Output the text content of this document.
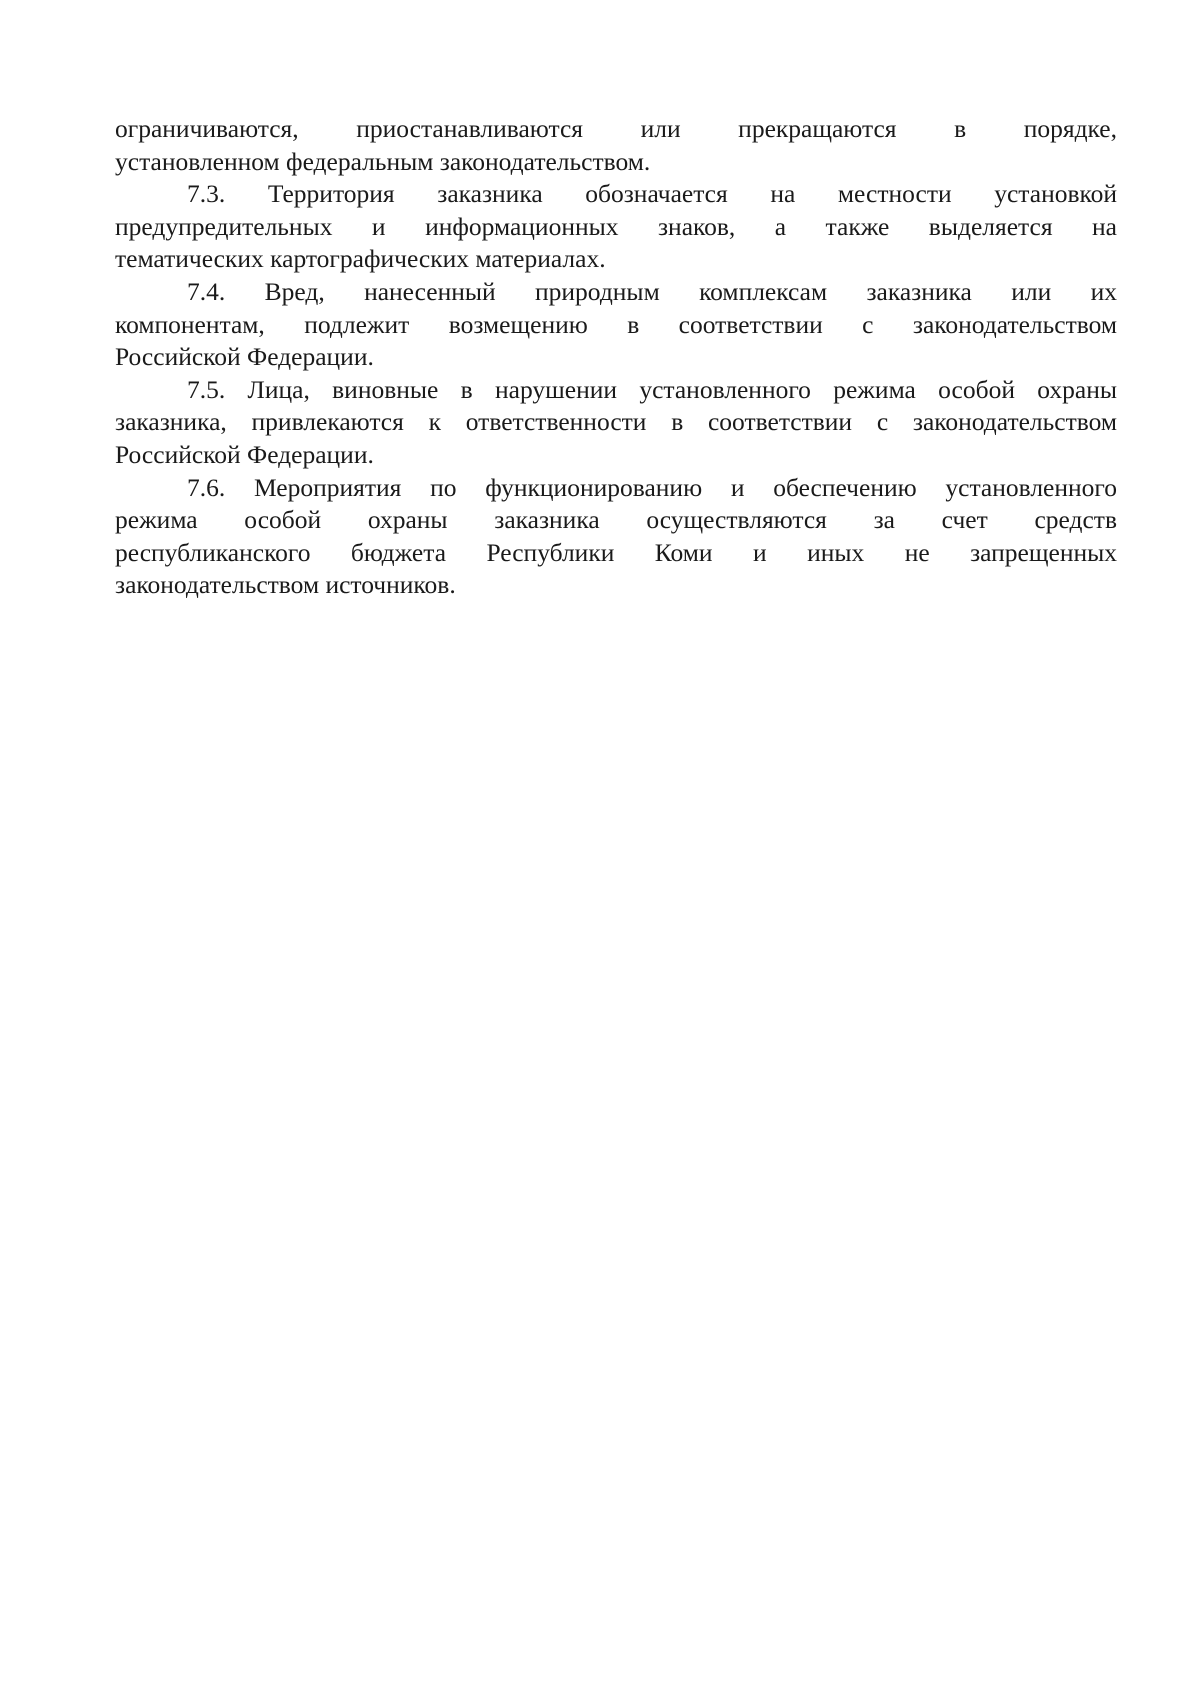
ограничиваются, приостанавливаются или прекращаются в порядке,
установленном федеральным законодательством.
7.3. Территория заказника обозначается на местности установкой
предупредительных и информационных знаков, а также выделяется на
тематических картографических материалах.
7.4. Вред, нанесенный природным комплексам заказника или их
компонентам, подлежит возмещению в соответствии с законодательством
Российской Федерации.
7.5. Лица, виновные в нарушении установленного режима особой охраны
заказника, привлекаются к ответственности в соответствии с законодательством
Российской Федерации.
7.6. Мероприятия по функционированию и обеспечению установленного
режима особой охраны заказника осуществляются за счет средств
республиканского бюджета Республики Коми и иных не запрещенных
законодательством источников.
